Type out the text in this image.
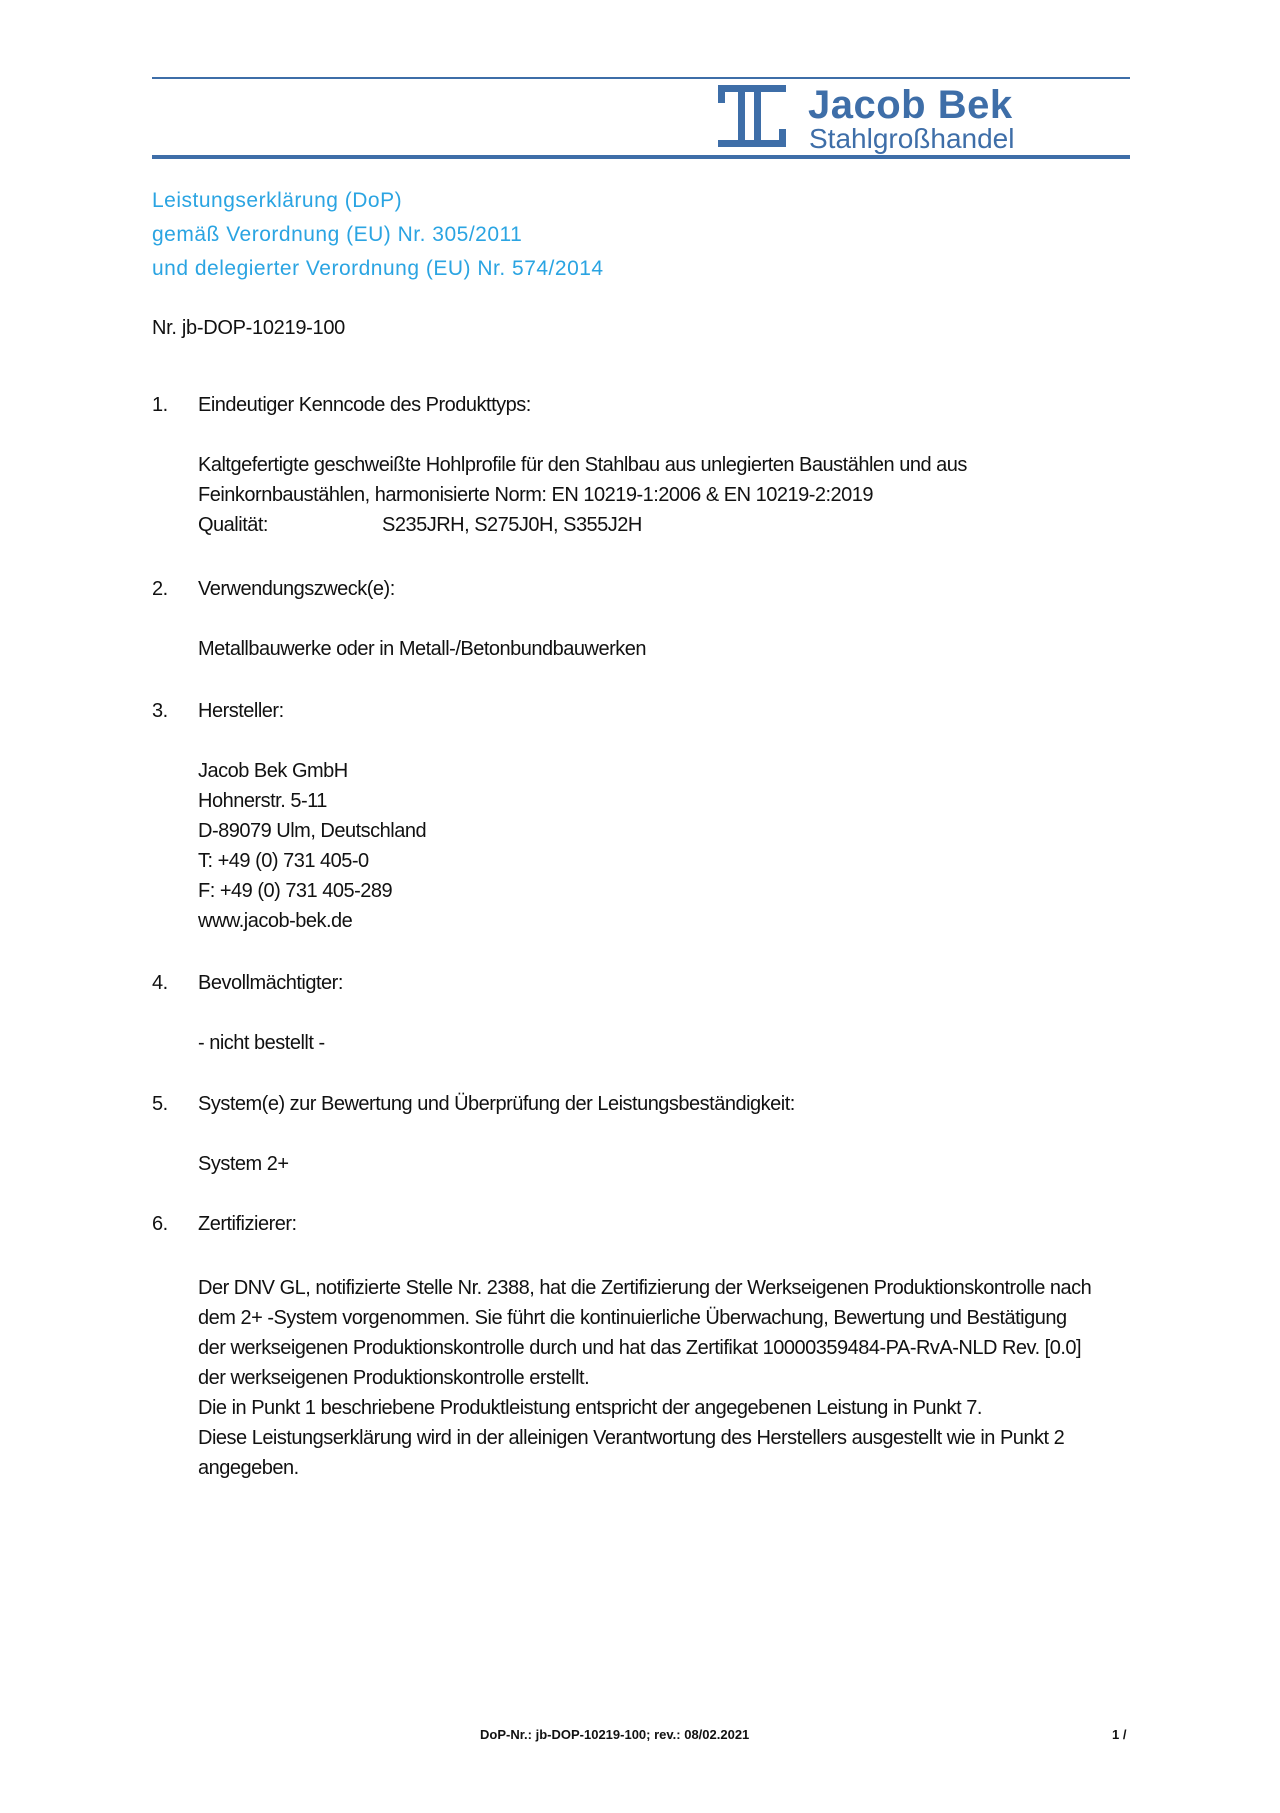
Jacob Bek
Stahlgroßhandel
Leistungserklärung (DoP)
gemäß Verordnung (EU) Nr. 305/2011
und delegierter Verordnung (EU) Nr. 574/2014
Nr. jb-DOP-10219-100
1. Eindeutiger Kenncode des Produkttyps:
Kaltgefertigte geschweißte Hohlprofile für den Stahlbau aus unlegierten Baustählen und aus
Feinkornbaustählen, harmonisierte Norm: EN 10219-1:2006 & EN 10219-2:2019
Qualität:	S235JRH, S275J0H, S355J2H
2. Verwendungszweck(e):
Metallbauwerke oder in Metall-/Betonbundbauwerken
3. Hersteller:
Jacob Bek GmbH
Hohnerstr. 5-11
D-89079 Ulm, Deutschland
T: +49 (0) 731 405-0
F: +49 (0) 731 405-289
www.jacob-bek.de
4. Bevollmächtigter:
- nicht bestellt -
5. System(e) zur Bewertung und Überprüfung der Leistungsbeständigkeit:
System 2+
6. Zertifizierer:
Der DNV GL, notifizierte Stelle Nr. 2388, hat die Zertifizierung der Werkseigenen Produktionskontrolle nach
dem 2+ -System vorgenommen. Sie führt die kontinuierliche Überwachung, Bewertung und Bestätigung
der werkseigenen Produktionskontrolle durch und hat das Zertifikat 10000359484-PA-RvA-NLD Rev. [0.0]
der werkseigenen Produktionskontrolle erstellt.
Die in Punkt 1 beschriebene Produktleistung entspricht der angegebenen Leistung in Punkt 7.
Diese Leistungserklärung wird in der alleinigen Verantwortung des Herstellers ausgestellt wie in Punkt 2
angegeben.
DoP-Nr.: jb-DOP-10219-100; rev.: 08/02.2021	1 /
